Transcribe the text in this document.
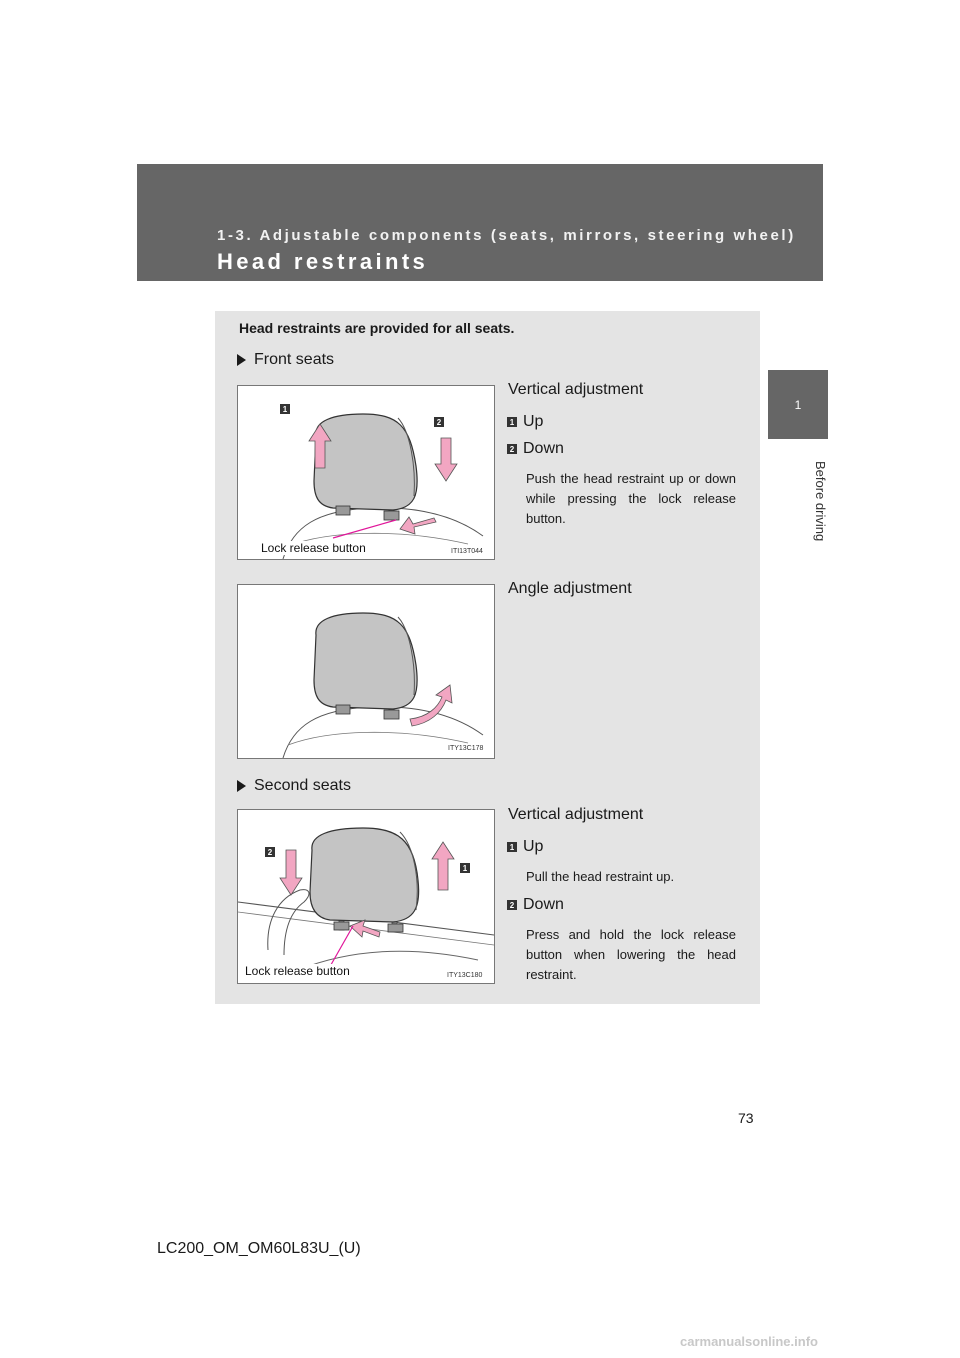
1-3. Adjustable components (seats, mirrors, steering wheel)
Head restraints
1
Before driving
Head restraints are provided for all seats.
Front seats
1
2
Lock release button	ITI13T044
Vertical adjustment
1 Up
2 Down
Push the head restraint up or down while pressing the lock release button.
ITY13C178
Angle adjustment
Second seats
2
1
Lock release button	ITY13C180
Vertical adjustment
1 Up
Pull the head restraint up.
2 Down
Press and hold the lock release button when lowering the head restraint.
73
LC200_OM_OM60L83U_(U)
carmanualsonline.info
